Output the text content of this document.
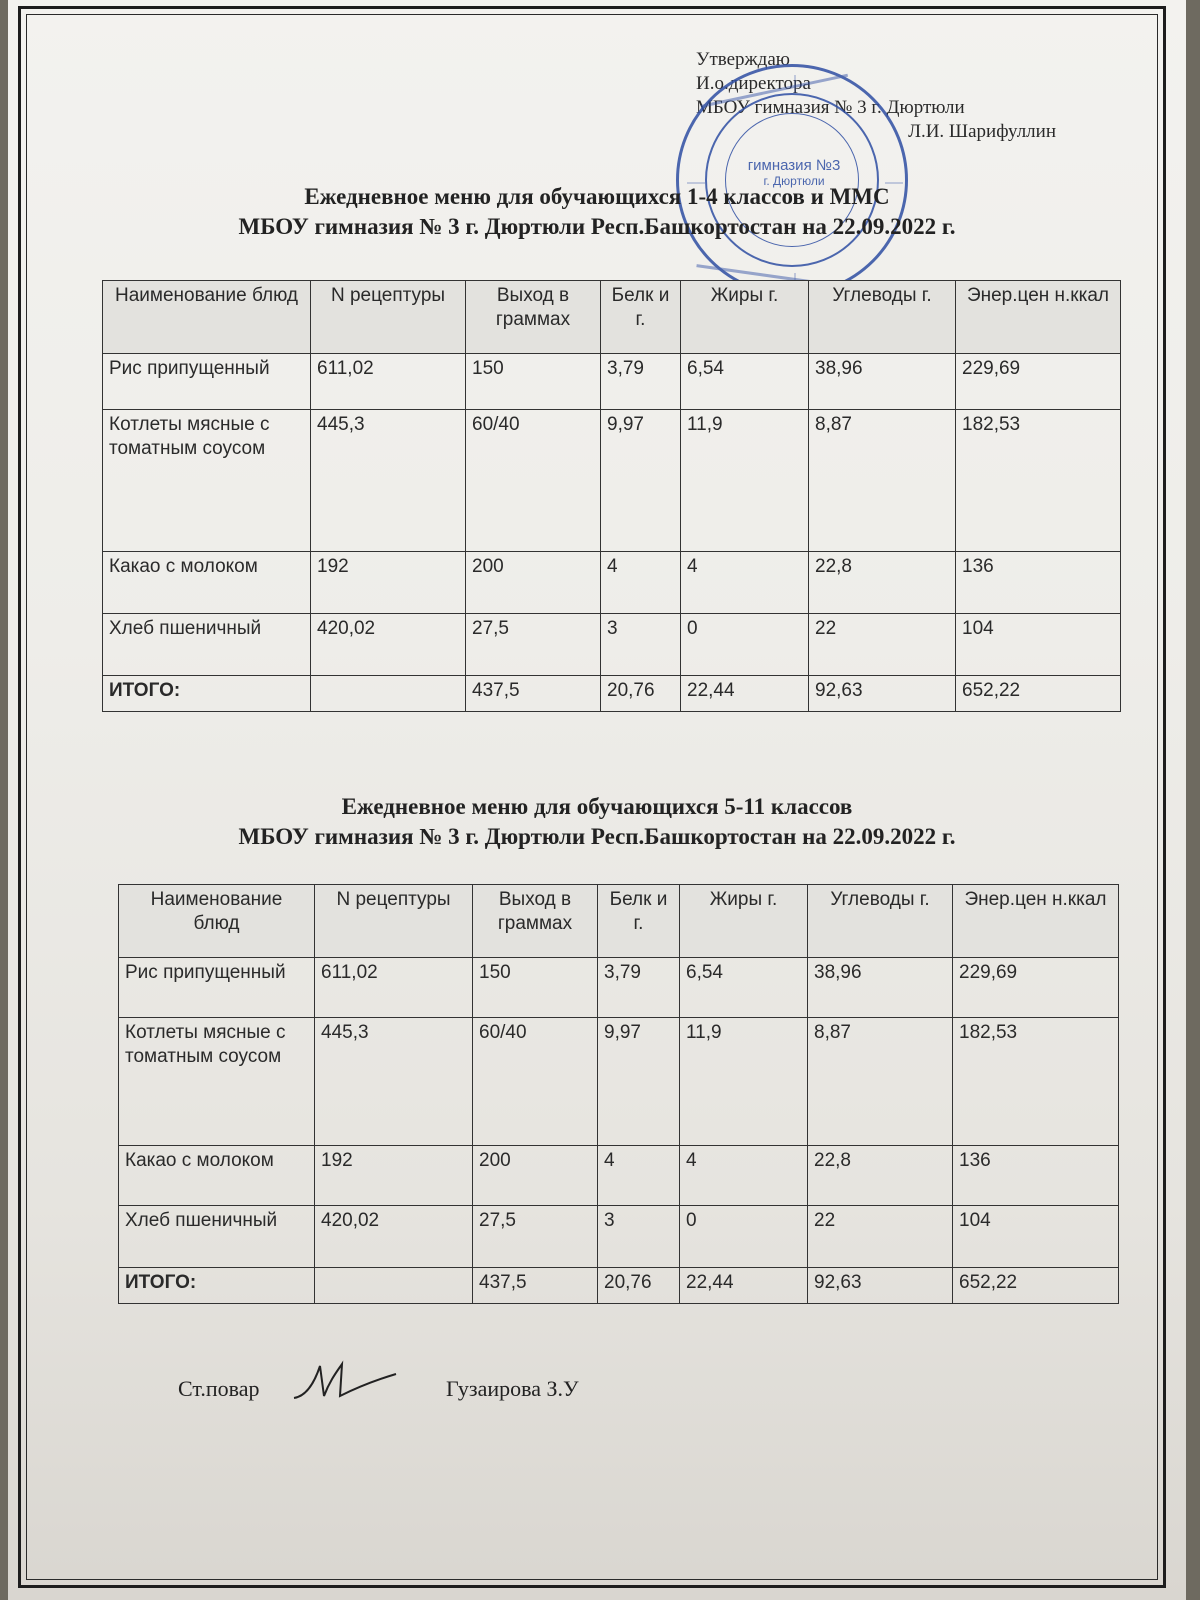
Утверждаю
И.о.директора
МБОУ гимназия № 3 г. Дюртюли
Л.И. Шарифуллин
гимназия №3
г. Дюртюли
Ежедневное меню для обучающихся 1-4 классов и ММС
МБОУ гимназия № 3 г. Дюртюли Респ.Башкортостан на 22.09.2022 г.
Наименование блюд	N рецептуры	Выход в граммах	Белк и г.	Жиры г.	Углеводы г.	Энер.цен н.ккал
Рис припущенный	611,02	150	3,79	6,54	38,96	229,69
Котлеты мясные с томатным соусом	445,3	60/40	9,97	11,9	8,87	182,53
Какао с молоком	192	200	4	4	22,8	136
Хлеб пшеничный	420,02	27,5	3	0	22	104
ИТОГО:		437,5	20,76	22,44	92,63	652,22
Ежедневное меню для обучающихся 5-11 классов
МБОУ гимназия № 3 г. Дюртюли Респ.Башкортостан на 22.09.2022 г.
Наименование блюд	N рецептуры	Выход в граммах	Белк и г.	Жиры г.	Углеводы г.	Энер.цен н.ккал
Рис припущенный	611,02	150	3,79	6,54	38,96	229,69
Котлеты мясные с томатным соусом	445,3	60/40	9,97	11,9	8,87	182,53
Какао с молоком	192	200	4	4	22,8	136
Хлеб пшеничный	420,02	27,5	3	0	22	104
ИТОГО:		437,5	20,76	22,44	92,63	652,22
Ст.повар	Гузаирова З.У
